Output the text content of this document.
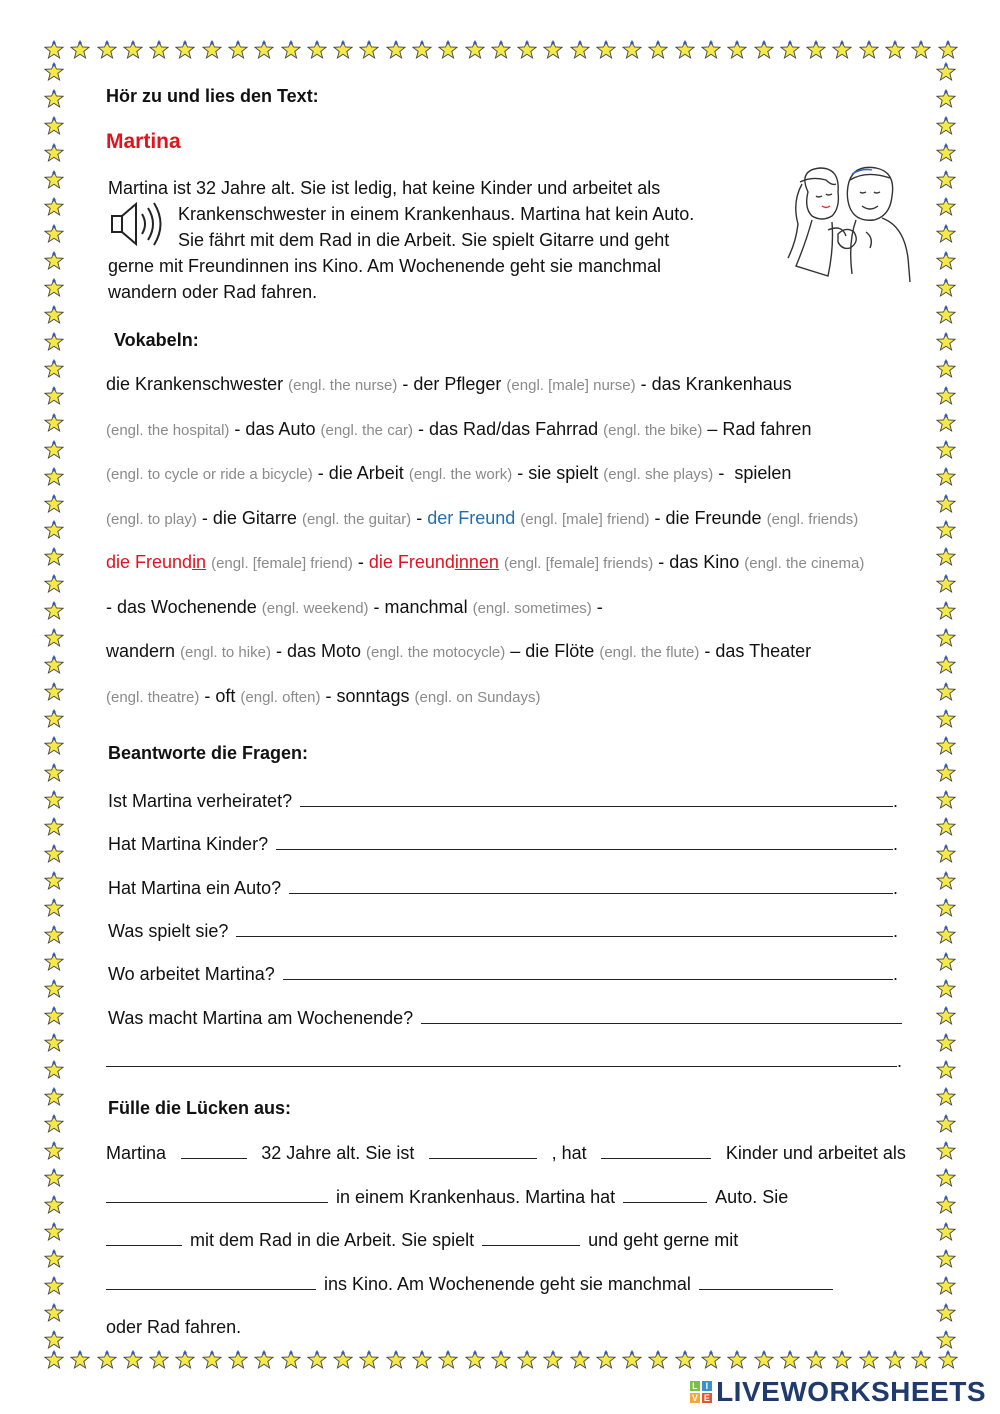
Hör zu und lies den Text:
Martina
Martina ist 32 Jahre alt. Sie ist ledig, hat keine Kinder und arbeitet als
Krankenschwester in einem Krankenhaus. Martina hat kein Auto.
Sie fährt mit dem Rad in die Arbeit. Sie spielt Gitarre und geht
gerne mit Freundinnen ins Kino. Am Wochenende geht sie manchmal
wandern oder Rad fahren.
Vokabeln:
die Krankenschwester (engl. the nurse) - der Pfleger (engl. [male] nurse) - das Krankenhaus
(engl. the hospital) - das Auto (engl. the car) - das Rad/das Fahrrad (engl. the bike) – Rad fahren
(engl. to cycle or ride a bicycle) - die Arbeit (engl. the work) - sie spielt (engl. she plays) -  spielen
(engl. to play) - die Gitarre (engl. the guitar) - der Freund (engl. [male] friend) - die Freunde (engl. friends)
die Freundin (engl. [female] friend) - die Freundinnen (engl. [female] friends) - das Kino (engl. the cinema)
- das Wochenende (engl. weekend) - manchmal (engl. sometimes) -
wandern (engl. to hike) - das Moto (engl. the motocycle) – die Flöte (engl. the flute) - das Theater
(engl. theatre) - oft (engl. often) - sonntags (engl. on Sundays)
Beantworte die Fragen:
Ist Martina verheiratet?	.
Hat Martina Kinder?	.
Hat Martina ein Auto?	.
Was spielt sie?	.
Wo arbeitet Martina?	.
Was macht Martina am Wochenende?
.
Fülle die Lücken aus:
Martina	32 Jahre alt. Sie ist	, hat	Kinder und arbeitet als
in einem Krankenhaus. Martina hat	Auto. Sie
mit dem Rad in die Arbeit. Sie spielt	und geht gerne mit
ins Kino. Am Wochenende geht sie manchmal
oder Rad fahren.
L I
V E LIVEWORKSHEETS
